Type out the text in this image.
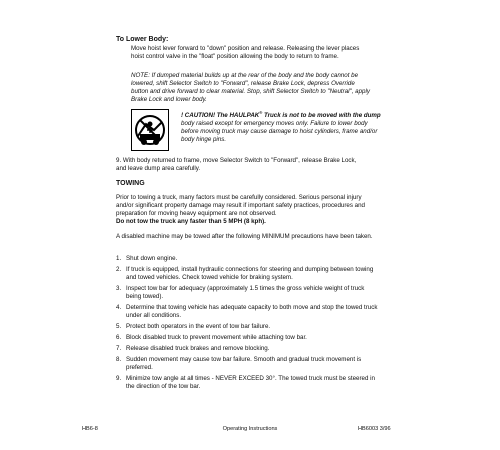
To Lower Body:
Move hoist lever forward to "down" position and release. Releasing the lever places hoist control valve in the "float" position allowing the body to return to frame.
NOTE: If dumped material builds up at the rear of the body and the body cannot be lowered, shift Selector Switch to "Forward", release Brake Lock, depress Override button and drive forward to clear material. Stop, shift Selector Switch to "Neutral", apply Brake Lock and lower body.
! CAUTION! The HAULPAK® Truck is not to be moved with the dump body raised except for emergency moves only. Failure to lower body before moving truck may cause damage to hoist cylinders, frame and/or body hinge pins.
9. With body returned to frame, move Selector Switch to "Forward", release Brake Lock, and leave dump area carefully.
TOWING
Prior to towing a truck, many factors must be carefully considered. Serious personal injury and/or significant property damage may result if important safety practices, procedures and preparation for moving heavy equipment are not observed.
Do not tow the truck any faster than 5 MPH (8 kph).
A disabled machine may be towed after the following MINIMUM precautions have been taken.
1. Shut down engine.
2. If truck is equipped, install hydraulic connections for steering and dumping between towing and towed vehicles. Check towed vehicle for braking system.
3. Inspect tow bar for adequacy (approximately 1.5 times the gross vehicle weight of truck being towed).
4. Determine that towing vehicle has adequate capacity to both move and stop the towed truck under all conditions.
5. Protect both operators in the event of tow bar failure.
6. Block disabled truck to prevent movement while attaching tow bar.
7. Release disabled truck brakes and remove blocking.
8. Sudden movement may cause tow bar failure. Smooth and gradual truck movement is preferred.
9. Minimize tow angle at all times - NEVER EXCEED 30°. The towed truck must be steered in the direction of the tow bar.
HB6-8	Operating Instructions	HB6003 3/96
